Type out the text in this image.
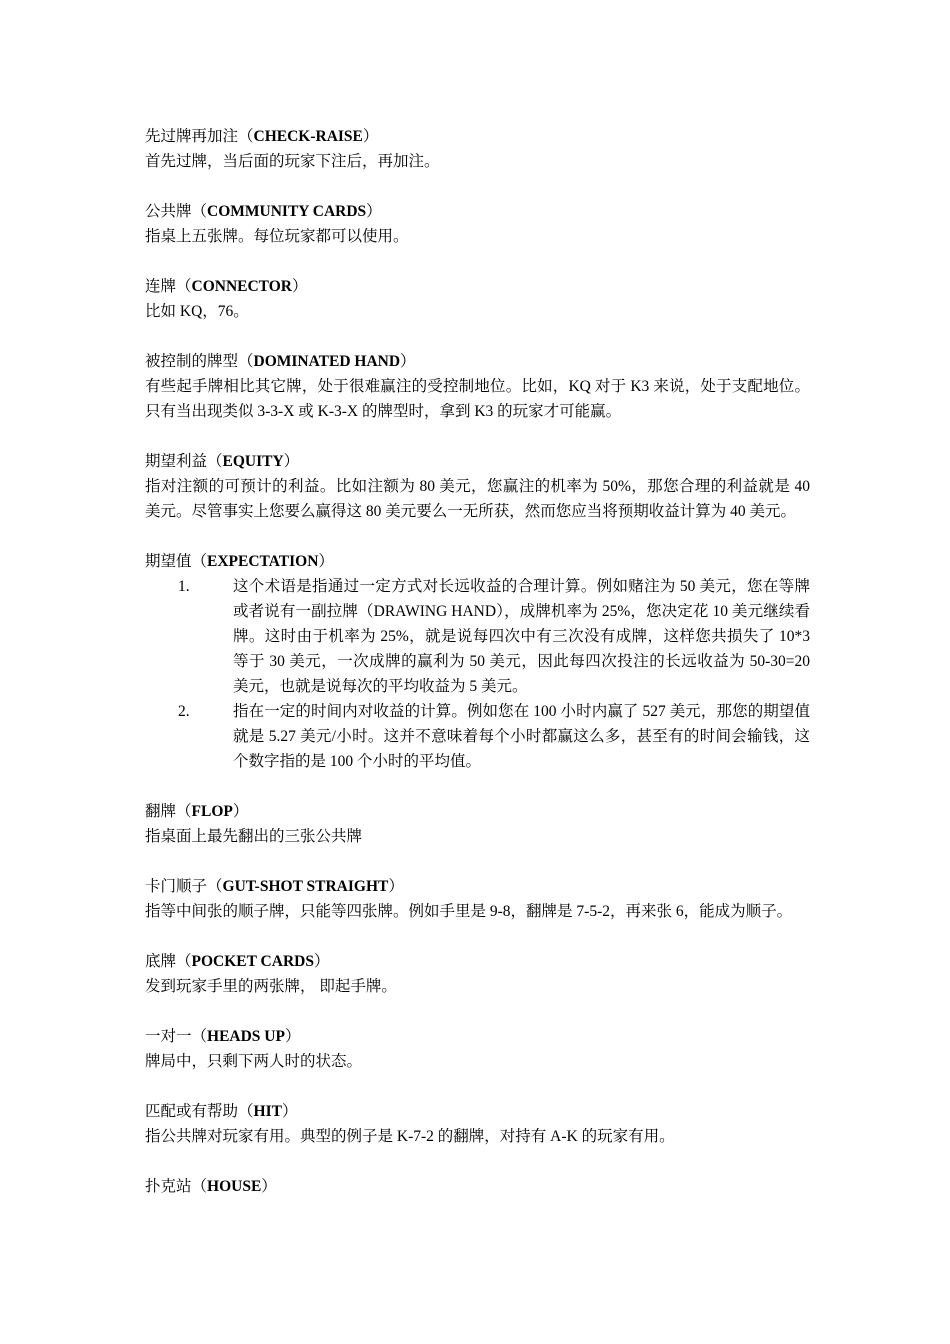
先过牌再加注（CHECK-RAISE）
首先过牌，当后面的玩家下注后，再加注。
公共牌（COMMUNITY CARDS）
指桌上五张牌。每位玩家都可以使用。
连牌（CONNECTOR）
比如 KQ，76。
被控制的牌型（DOMINATED HAND）
有些起手牌相比其它牌，处于很难赢注的受控制地位。比如，KQ 对于 K3 来说，处于支配地位。只有当出现类似 3-3-X 或 K-3-X 的牌型时，拿到 K3 的玩家才可能赢。
期望利益（EQUITY）
指对注额的可预计的利益。比如注额为 80 美元，您赢注的机率为 50%，那您合理的利益就是 40 美元。尽管事实上您要么赢得这 80 美元要么一无所获，然而您应当将预期收益计算为 40 美元。
期望值（EXPECTATION）
1.	这个术语是指通过一定方式对长远收益的合理计算。例如赌注为 50 美元，您在等牌或者说有一副拉牌（DRAWING HAND），成牌机率为 25%，您决定花 10 美元继续看牌。这时由于机率为 25%，就是说每四次中有三次没有成牌，这样您共损失了 10*3 等于 30 美元，一次成牌的赢利为 50 美元，因此每四次投注的长远收益为 50-30=20 美元，也就是说每次的平均收益为 5 美元。
2.	指在一定的时间内对收益的计算。例如您在 100 小时内赢了 527 美元，那您的期望值就是 5.27 美元/小时。这并不意味着每个小时都赢这么多，甚至有的时间会输钱，这个数字指的是 100 个小时的平均值。
翻牌（FLOP）
指桌面上最先翻出的三张公共牌
卡门顺子（GUT-SHOT STRAIGHT）
指等中间张的顺子牌，只能等四张牌。例如手里是 9-8，翻牌是 7-5-2，再来张 6，能成为顺子。
底牌（POCKET CARDS）
发到玩家手里的两张牌， 即起手牌。
一对一（HEADS UP）
牌局中，只剩下两人时的状态。
匹配或有帮助（HIT）
指公共牌对玩家有用。典型的例子是 K-7-2 的翻牌，对持有 A-K 的玩家有用。
扑克站（HOUSE）
